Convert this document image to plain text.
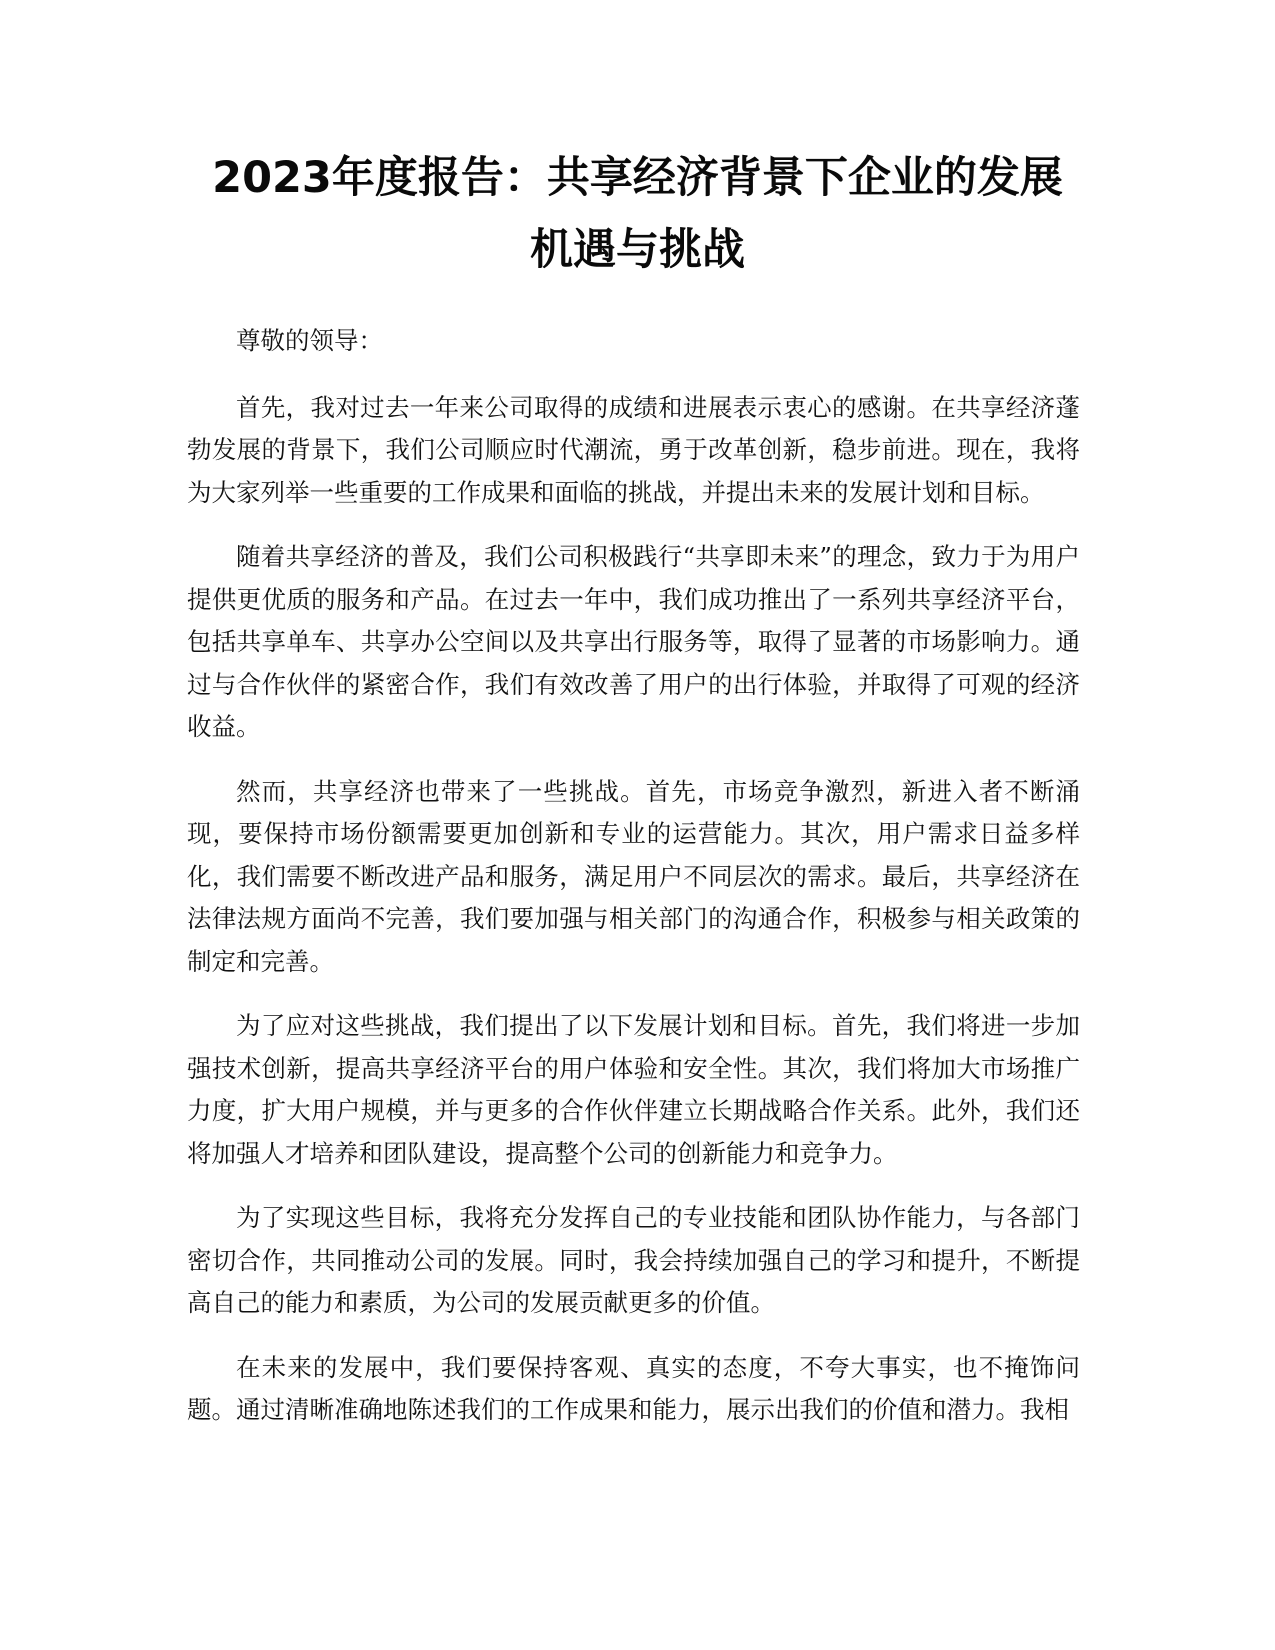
2023年度报告：共享经济背景下企业的发展
机遇与挑战

尊敬的领导：

首先，我对过去一年来公司取得的成绩和进展表示衷心的感谢。在共享经济蓬勃发展的背景下，我们公司顺应时代潮流，勇于改革创新，稳步前进。现在，我将为大家列举一些重要的工作成果和面临的挑战，并提出未来的发展计划和目标。

随着共享经济的普及，我们公司积极践行“共享即未来”的理念，致力于为用户提供更优质的服务和产品。在过去一年中，我们成功推出了一系列共享经济平台，包括共享单车、共享办公空间以及共享出行服务等，取得了显著的市场影响力。通过与合作伙伴的紧密合作，我们有效改善了用户的出行体验，并取得了可观的经济收益。

然而，共享经济也带来了一些挑战。首先，市场竞争激烈，新进入者不断涌现，要保持市场份额需要更加创新和专业的运营能力。其次，用户需求日益多样化，我们需要不断改进产品和服务，满足用户不同层次的需求。最后，共享经济在法律法规方面尚不完善，我们要加强与相关部门的沟通合作，积极参与相关政策的制定和完善。

为了应对这些挑战，我们提出了以下发展计划和目标。首先，我们将进一步加强技术创新，提高共享经济平台的用户体验和安全性。其次，我们将加大市场推广力度，扩大用户规模，并与更多的合作伙伴建立长期战略合作关系。此外，我们还将加强人才培养和团队建设，提高整个公司的创新能力和竞争力。

为了实现这些目标，我将充分发挥自己的专业技能和团队协作能力，与各部门密切合作，共同推动公司的发展。同时，我会持续加强自己的学习和提升，不断提高自己的能力和素质，为公司的发展贡献更多的价值。

在未来的发展中，我们要保持客观、真实的态度，不夸大事实，也不掩饰问题。通过清晰准确地陈述我们的工作成果和能力，展示出我们的价值和潜力。我相
